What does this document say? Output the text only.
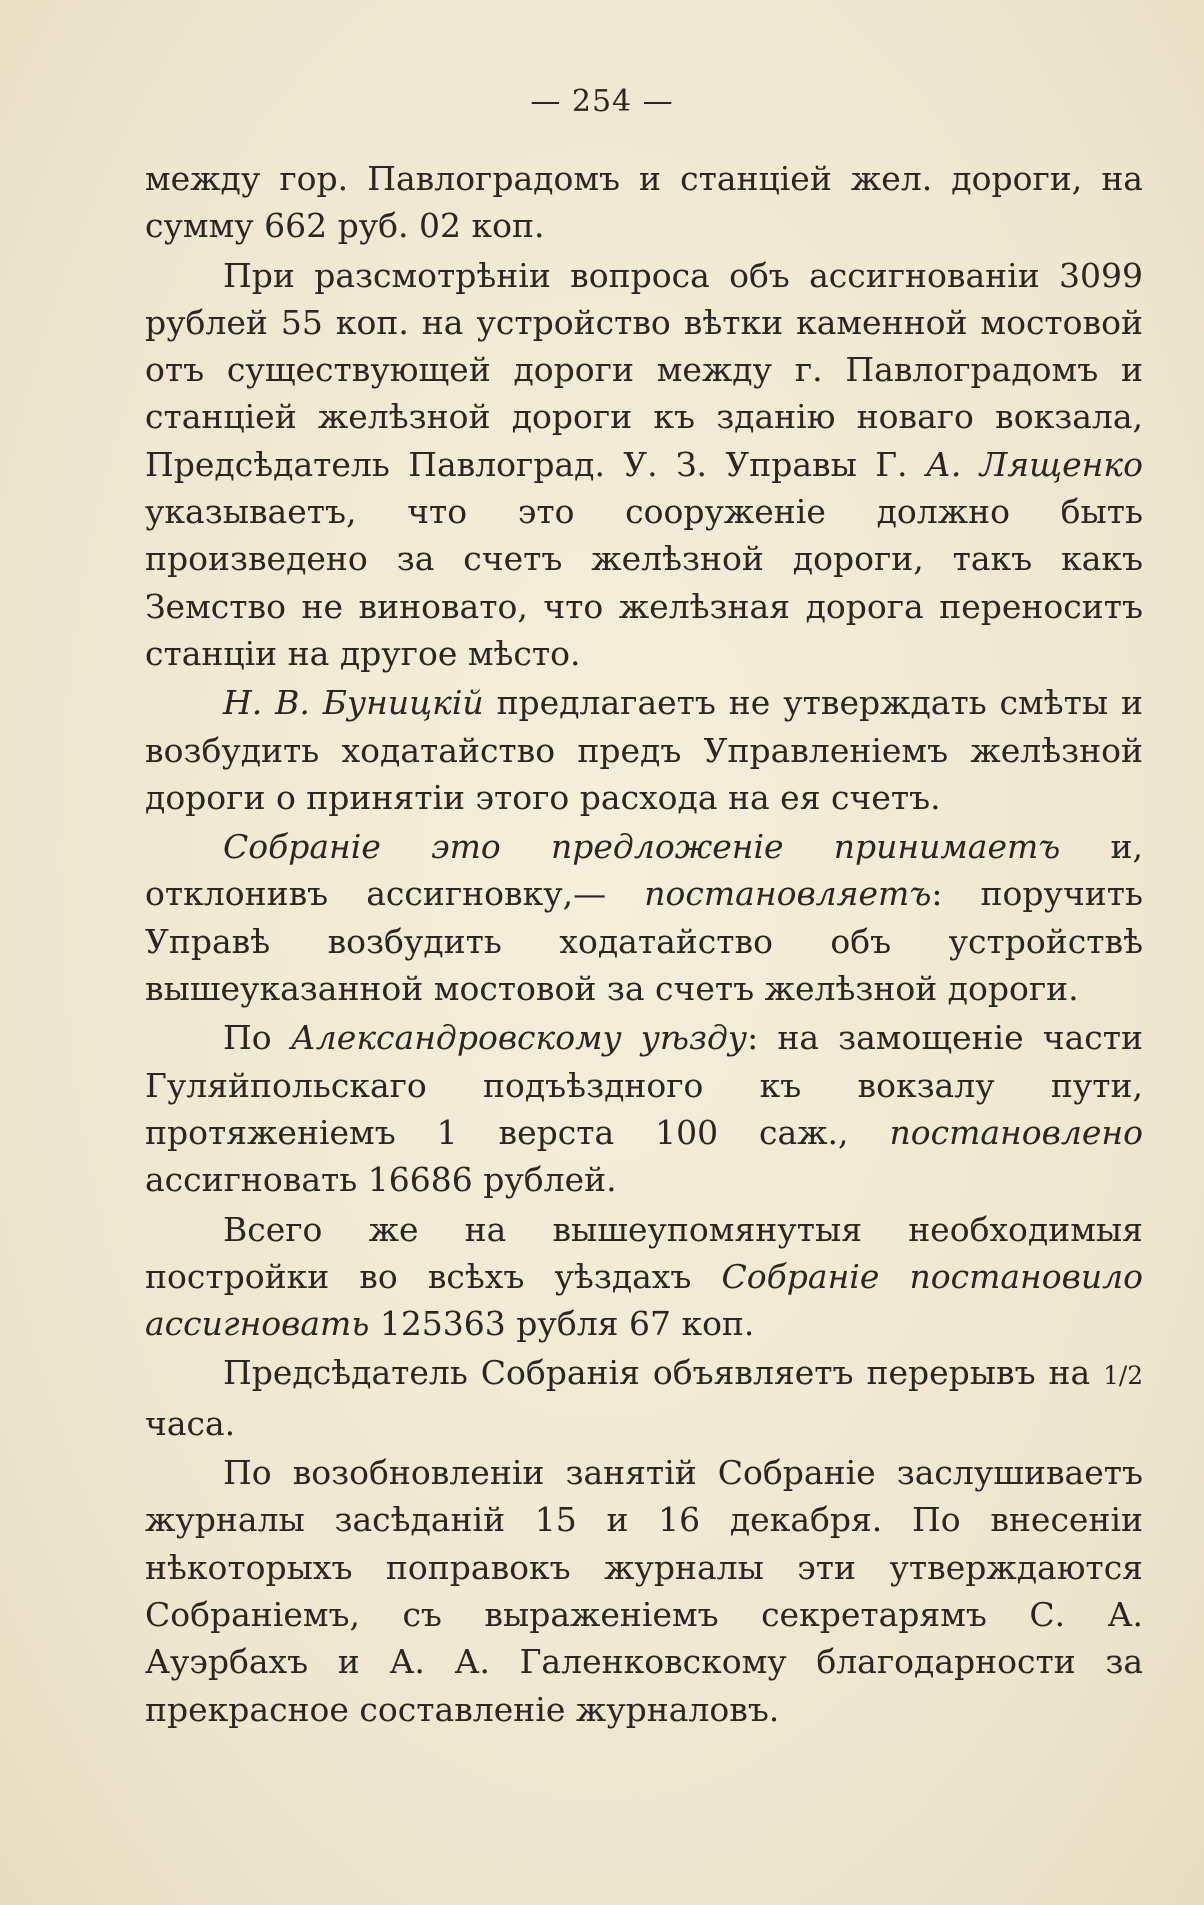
— 254 —

между гор. Павлоградомъ и станціей жел. дороги, на сумму 662 руб. 02 коп.

При разсмотрѣніи вопроса объ ассигнованіи 3099 рублей 55 коп. на устройство вѣтки каменной мостовой отъ существующей дороги между г. Павлоградомъ и станціей желѣзной дороги къ зданію новаго вокзала, Предсѣдатель Павлоград. У. З. Управы Г. А. Лященко указываетъ, что это сооруженіе должно быть произведено за счетъ желѣзной дороги, такъ какъ Земство не виновато, что желѣзная дорога переноситъ станціи на другое мѣсто.

Н. В. Буницкій предлагаетъ не утверждать смѣты и возбудить ходатайство предъ Управленіемъ желѣзной дороги о принятіи этого расхода на ея счетъ.

Собраніе это предложеніе принимаетъ и, отклонивъ ассигновку,— постановляетъ: поручить Управѣ возбудить ходатайство объ устройствѣ вышеуказанной мостовой за счетъ желѣзной дороги.

По Александровскому уѣзду: на замощеніе части Гуляйпольскаго подъѣздного къ вокзалу пути, протяженіемъ 1 верста 100 саж., постановлено ассигновать 16686 рублей.

Всего же на вышеупомянутыя необходимыя постройки во всѣхъ уѣздахъ Собраніе постановило ассигновать 125363 рубля 67 коп.

Предсѣдатель Собранія объявляетъ перерывъ на 1/2 часа.

По возобновленіи занятій Собраніе заслушиваетъ журналы засѣданій 15 и 16 декабря. По внесеніи нѣкоторыхъ поправокъ журналы эти утверждаются Собраніемъ, съ выраженіемъ секретарямъ С. А. Ауэрбахъ и А. А. Галенковскому благодарности за прекрасное составленіе журналовъ.
